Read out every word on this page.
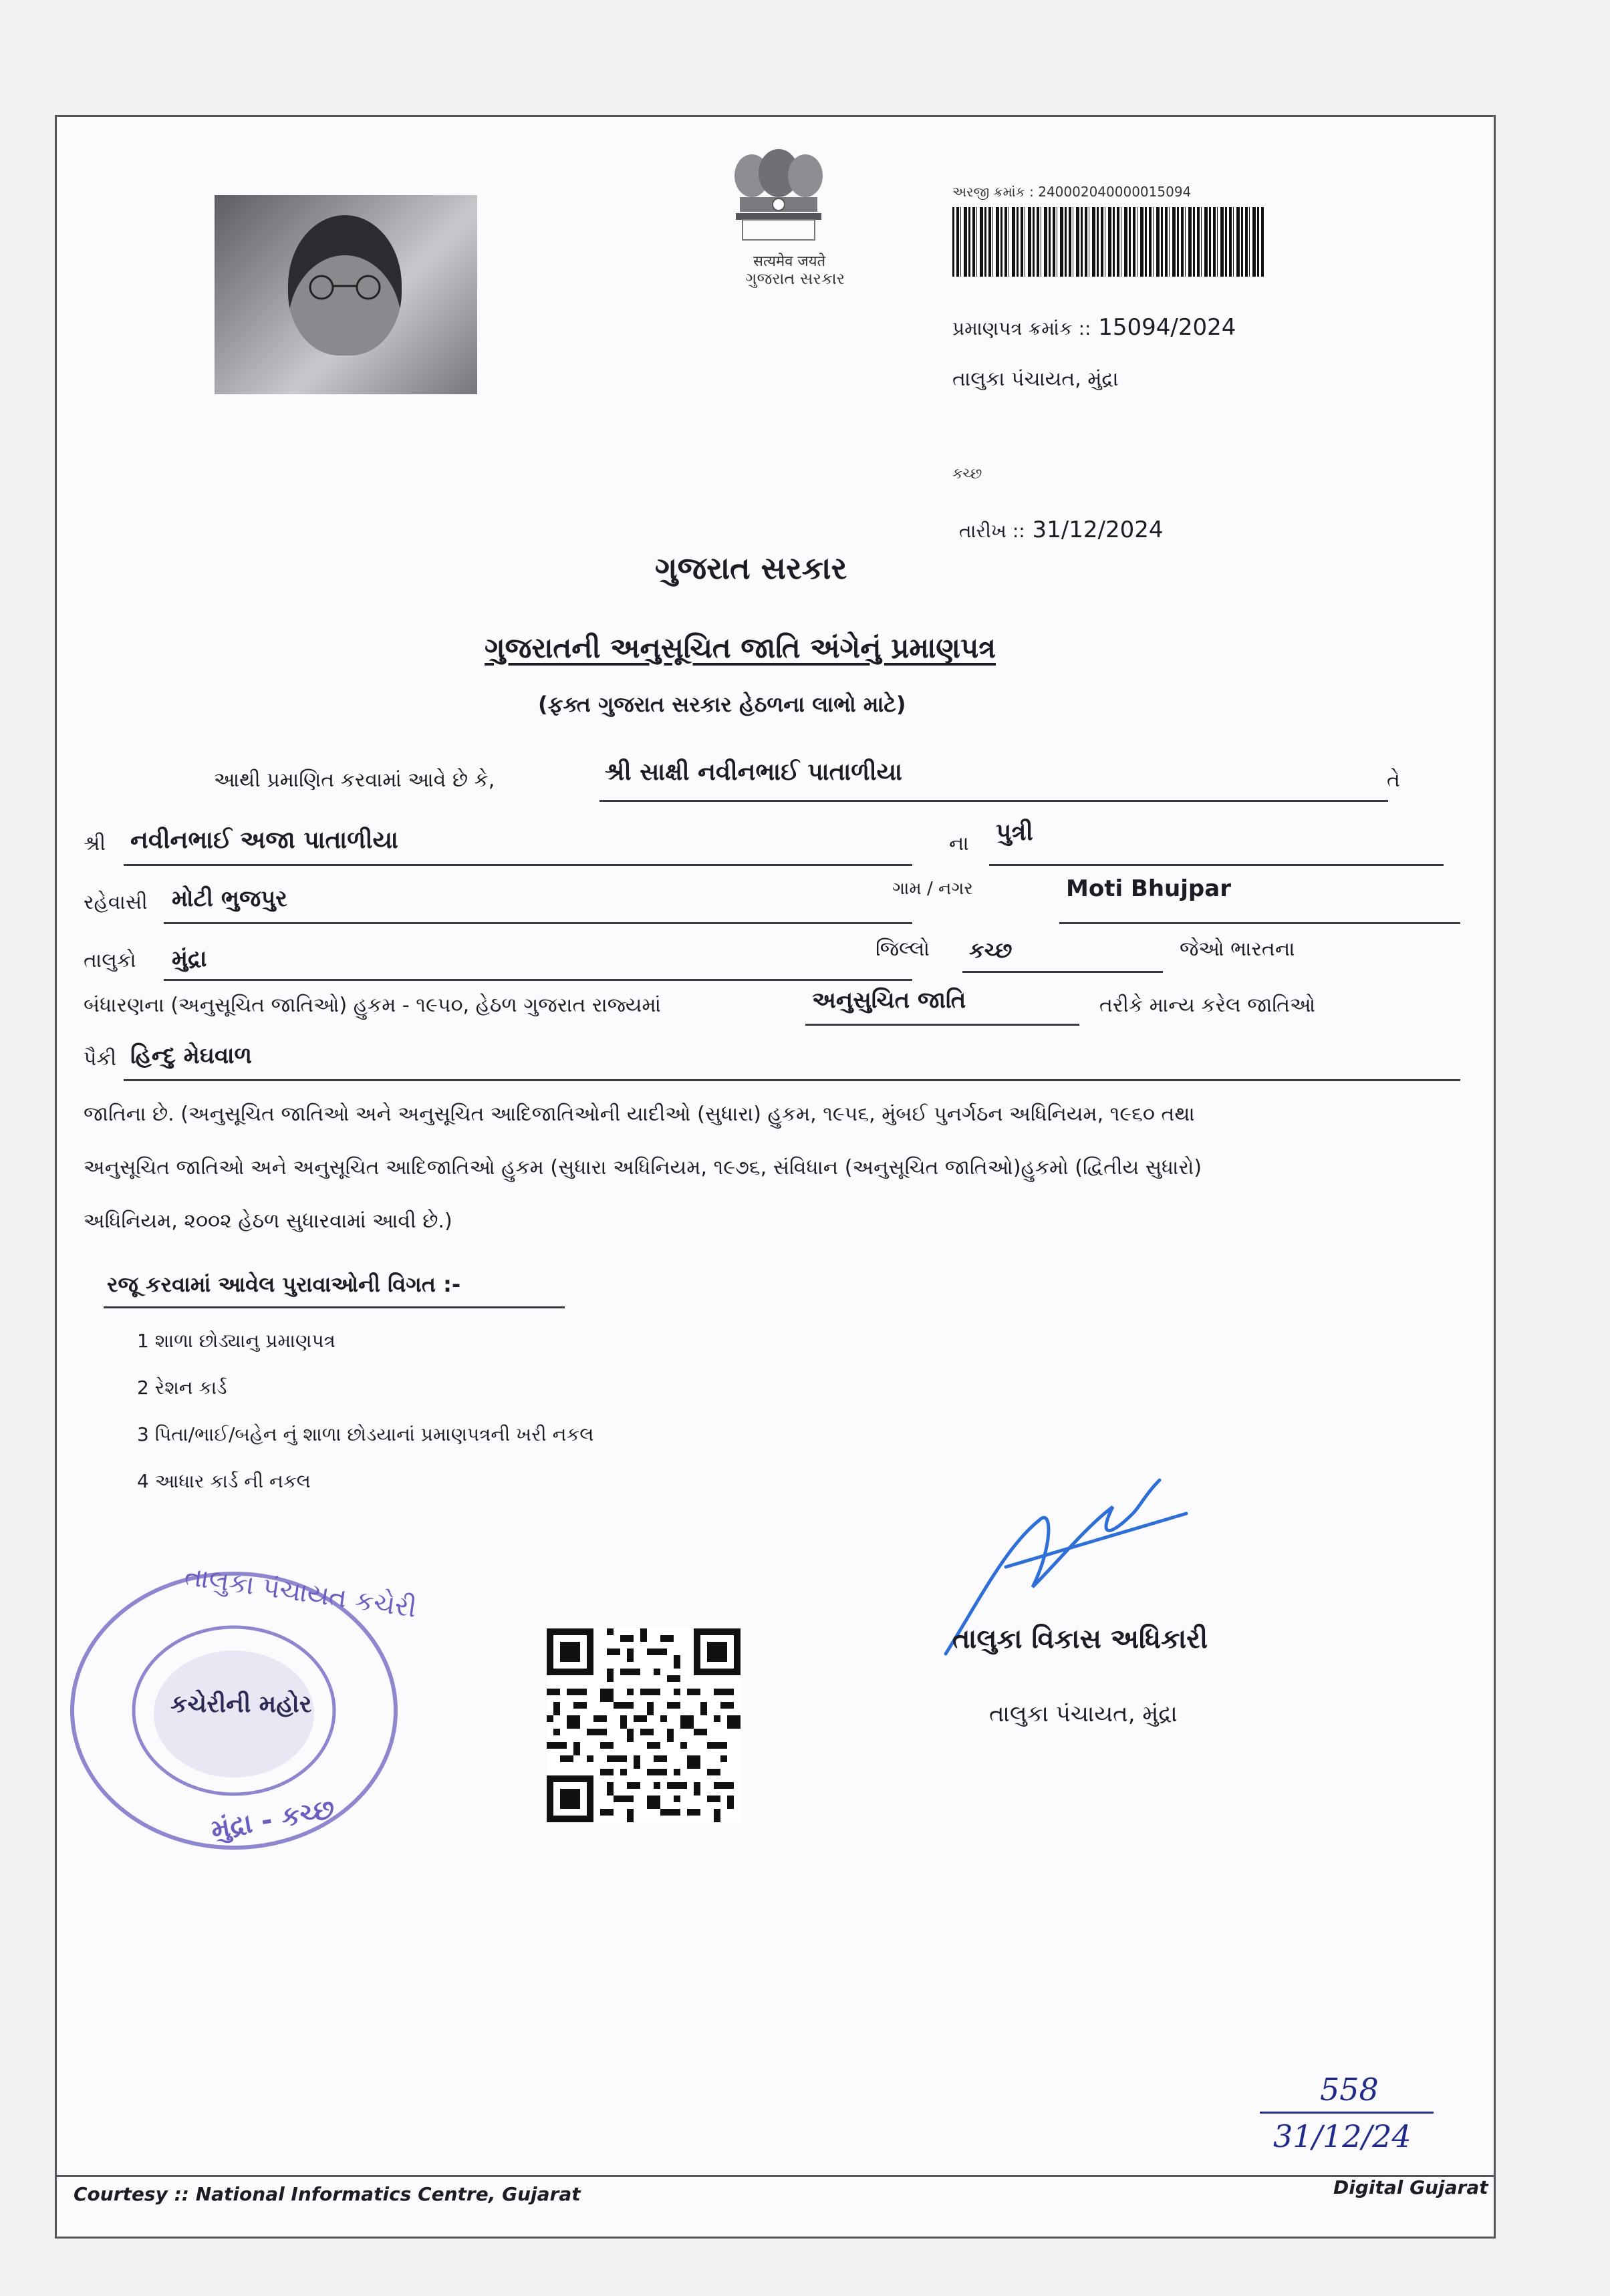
सत्यमेव जयते
ગુજરાત સરકાર
અરજી ક્રમાંક : 240002040000015094
પ્રમાણપત્ર ક્રમાંક :: 15094/2024
તાલુકા પંચાયત, મુંદ્રા
કચ્છ
તારીખ :: 31/12/2024
ગુજરાત સરકાર
ગુજરાતની અનુસૂચિત જાતિ અંગેનું પ્રમાણપત્ર
(ફક્ત ગુજરાત સરકાર હેઠળના લાભો માટે)
આથી પ્રમાણિત કરવામાં આવે છે કે,	શ્રી સાક્ષી નવીનભાઈ પાતાળીયા	તે
શ્રી નવીનભાઈ અજા પાતાળીયા	ના પુત્રી
રહેવાસી મોટી ભુજપુર	ગામ / નગર	Moti Bhujpar
તાલુકો મુંદ્રા	જિલ્લો કચ્છ	જેઓ ભારતના
બંધારણના (અનુસૂચિત જાતિઓ) હુકમ - ૧૯૫૦, હેઠળ ગુજરાત રાજ્યમાં	અનુસુચિત જાતિ	તરીકે માન્ય કરેલ જાતિઓ
પૈકી હિન્દુ મેઘવાળ
જાતિના છે. (અનુસૂચિત જાતિઓ અને અનુસૂચિત આદિજાતિઓની યાદીઓ (સુધારા) હુકમ, ૧૯૫૬, મુંબઈ પુનર્ગઠન અધિનિયમ, ૧૯૬૦ તથા
અનુસૂચિત જાતિઓ અને અનુસૂચિત આદિજાતિઓ હુકમ (સુધારા અધિનિયમ, ૧૯૭૬, સંવિધાન (અનુસૂચિત જાતિઓ)હુકમો (દ્વિતીય સુધારો)
અધિનિયમ, ૨૦૦૨ હેઠળ સુધારવામાં આવી છે.)
રજૂ કરવામાં આવેલ પુરાવાઓની વિગત :-
1 શાળા છોડ્યાનુ પ્રમાણપત્ર
2 રેશન કાર્ડ
3 પિતા/ભાઈ/બહેન નું શાળા છોડયાનાં પ્રમાણપત્રની ખરી નકલ
4 આધાર કાર્ડ ની નકલ
તાલુકા પંચાયત કચેરી
કચેરીની મહોર
મુંદ્રા - કચ્છ
તાલુકા વિકાસ અધિકારી
તાલુકા પંચાયત, મુંદ્રા
558
31/12/24
Courtesy :: National Informatics Centre, Gujarat	Digital Gujarat
